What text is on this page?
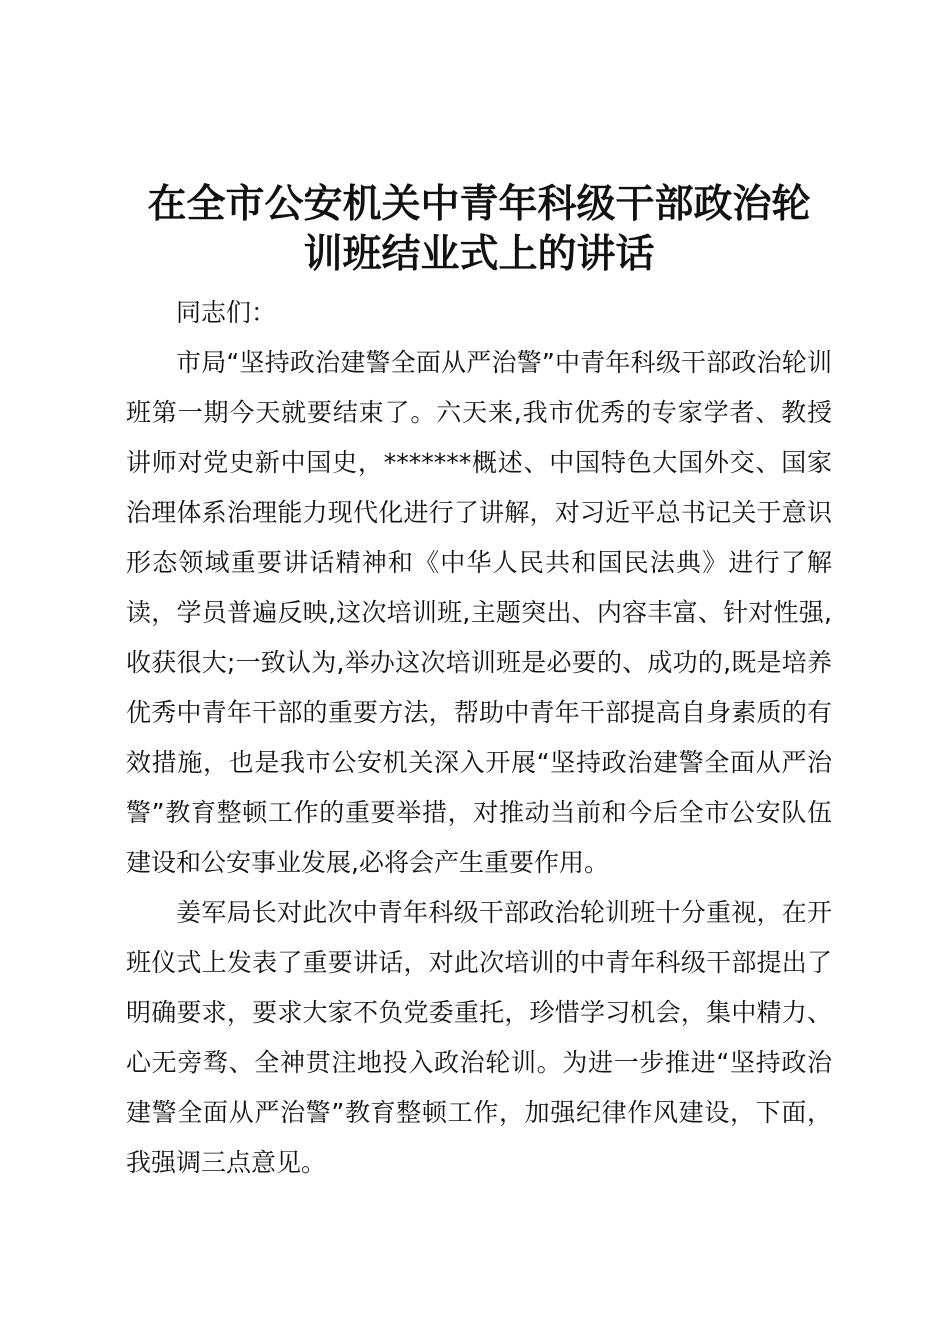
在全市公安机关中青年科级干部政治轮
训班结业式上的讲话

同志们：

市局“坚持政治建警全面从严治警”中青年科级干部政治轮训班第一期今天就要结束了。六天来,我市优秀的专家学者、教授讲师对党史新中国史，*******概述、中国特色大国外交、国家治理体系治理能力现代化进行了讲解，对习近平总书记关于意识形态领域重要讲话精神和《中华人民共和国民法典》进行了解读，学员普遍反映,这次培训班,主题突出、内容丰富、针对性强,收获很大;一致认为,举办这次培训班是必要的、成功的,既是培养优秀中青年干部的重要方法，帮助中青年干部提高自身素质的有效措施，也是我市公安机关深入开展“坚持政治建警全面从严治警”教育整顿工作的重要举措，对推动当前和今后全市公安队伍建设和公安事业发展,必将会产生重要作用。

姜军局长对此次中青年科级干部政治轮训班十分重视，在开班仪式上发表了重要讲话，对此次培训的中青年科级干部提出了明确要求，要求大家不负党委重托，珍惜学习机会，集中精力、心无旁骛、全神贯注地投入政治轮训。为进一步推进“坚持政治建警全面从严治警”教育整顿工作，加强纪律作风建设，下面，我强调三点意见。
